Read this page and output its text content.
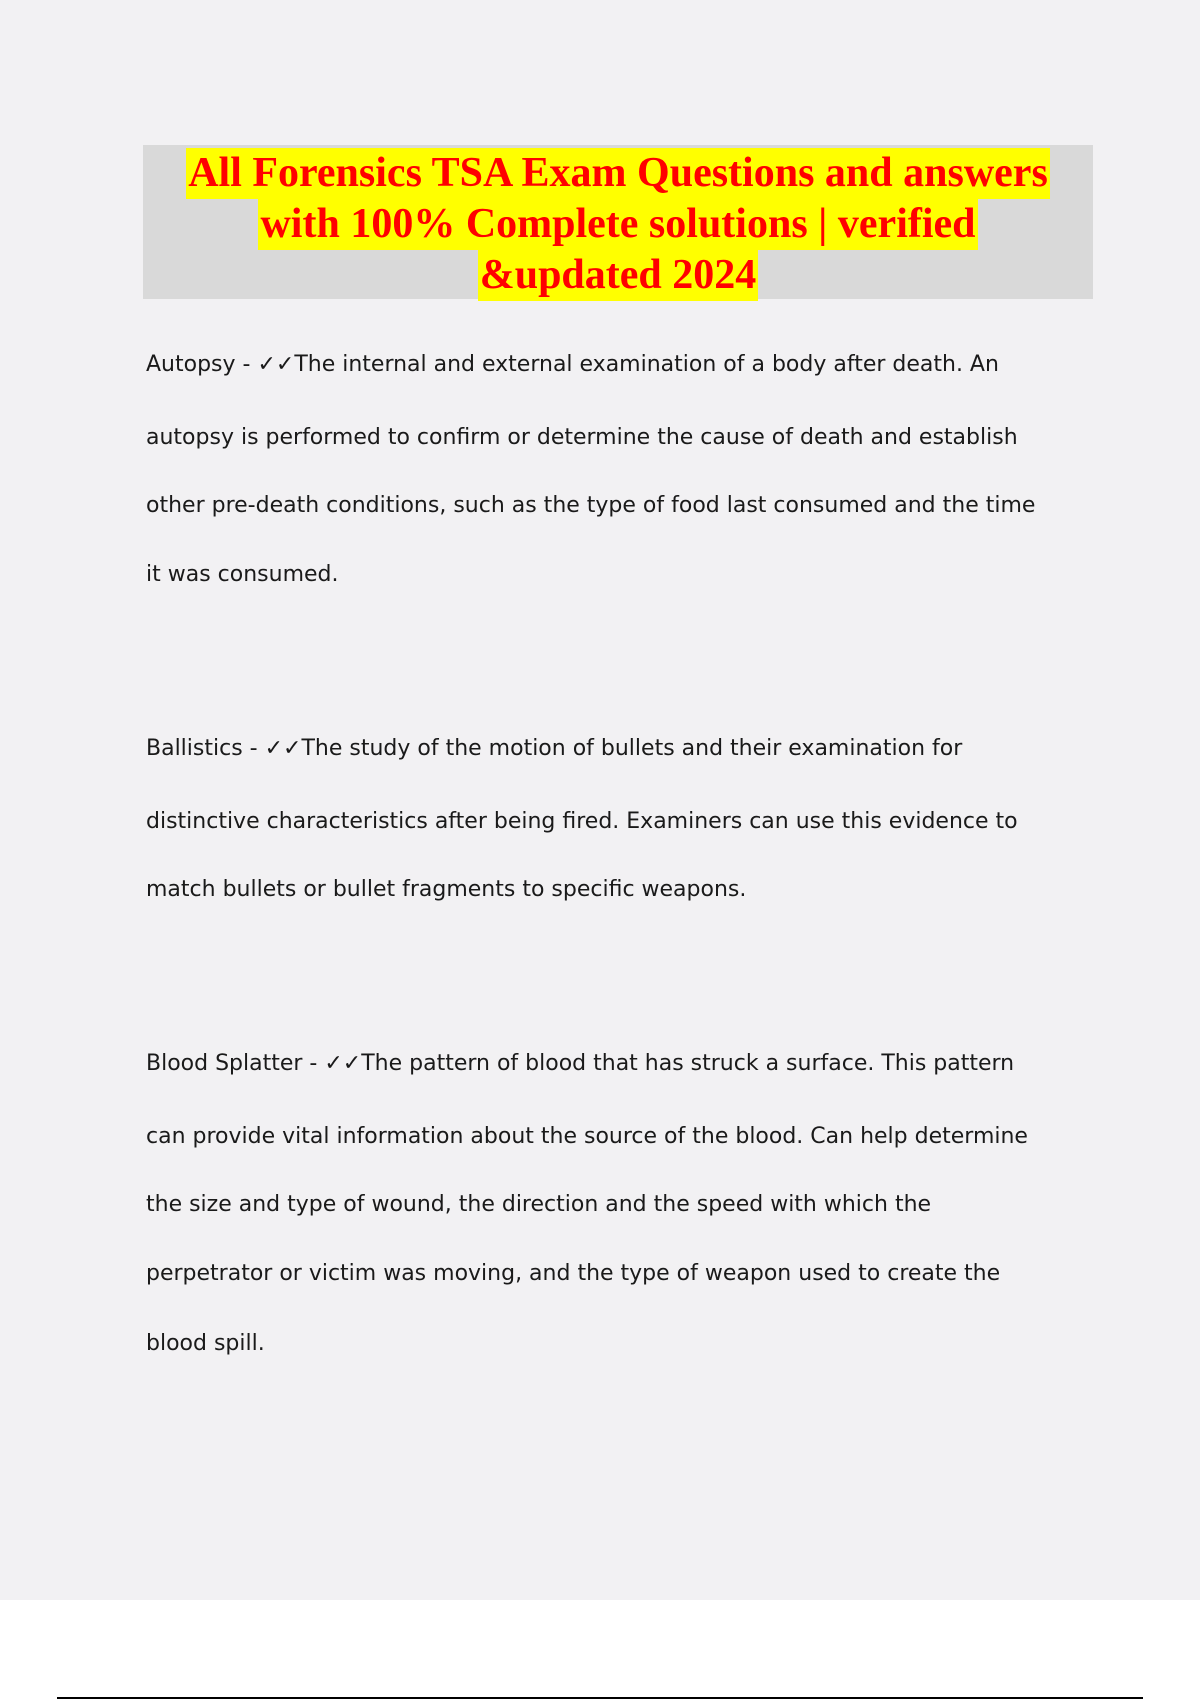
All Forensics TSA Exam Questions and answers
with 100% Complete solutions | verified
&updated 2024
Autopsy - ✓✓The internal and external examination of a body after death. An
autopsy is performed to confirm or determine the cause of death and establish
other pre-death conditions, such as the type of food last consumed and the time
it was consumed.
Ballistics - ✓✓The study of the motion of bullets and their examination for
distinctive characteristics after being fired. Examiners can use this evidence to
match bullets or bullet fragments to specific weapons.
Blood Splatter - ✓✓The pattern of blood that has struck a surface. This pattern
can provide vital information about the source of the blood. Can help determine
the size and type of wound, the direction and the speed with which the
perpetrator or victim was moving, and the type of weapon used to create the
blood spill.
